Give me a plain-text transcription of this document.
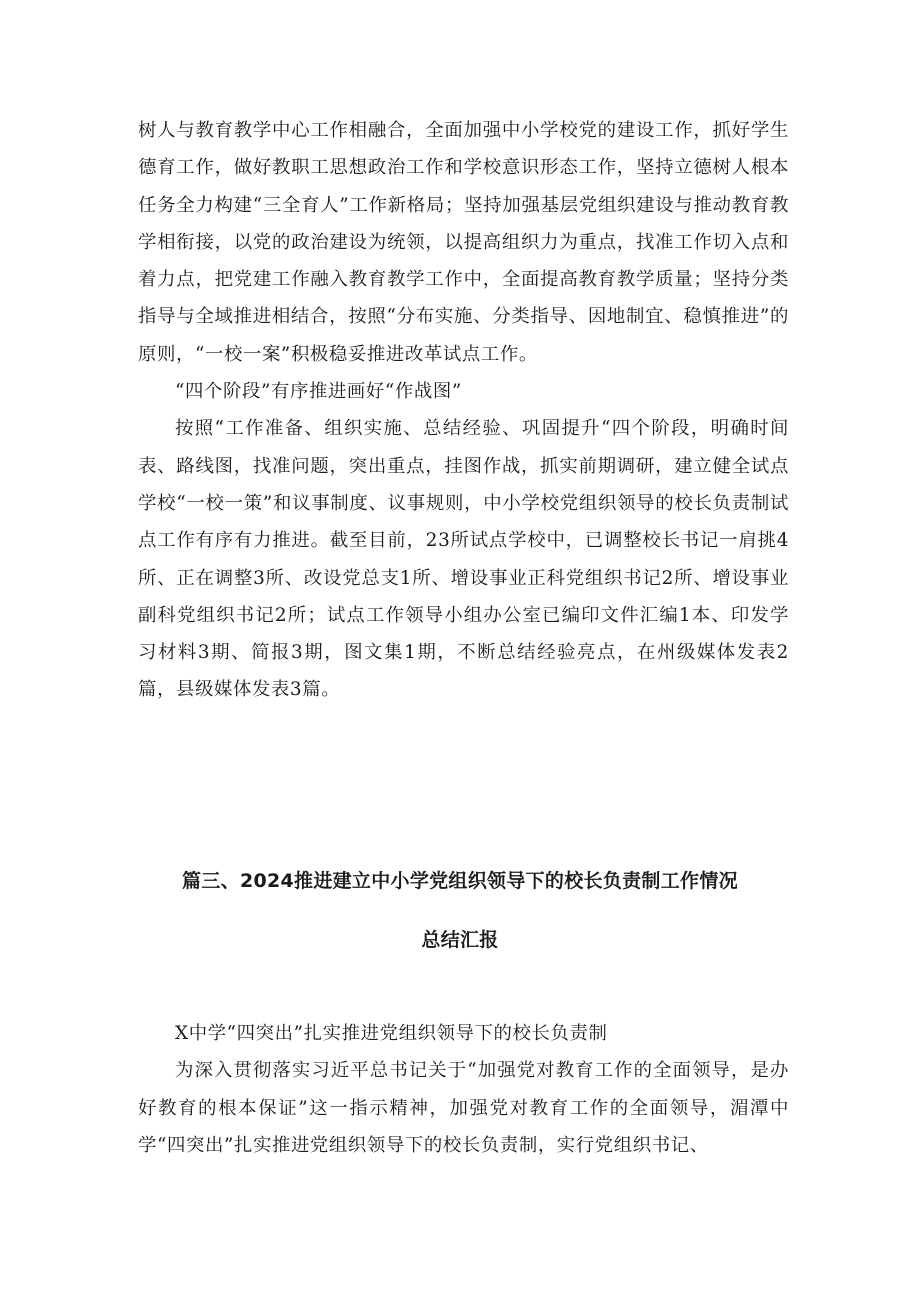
树人与教育教学中心工作相融合，全面加强中小学校党的建设工作，抓好学生德育工作，做好教职工思想政治工作和学校意识形态工作，坚持立德树人根本任务全力构建“三全育人”工作新格局；坚持加强基层党组织建设与推动教育教学相衔接，以党的政治建设为统领，以提高组织力为重点，找准工作切入点和着力点，把党建工作融入教育教学工作中，全面提高教育教学质量；坚持分类指导与全域推进相结合，按照“分布实施、分类指导、因地制宜、稳慎推进”的原则，“一校一案”积极稳妥推进改革试点工作。

“四个阶段”有序推进画好“作战图”

按照“工作准备、组织实施、总结经验、巩固提升“四个阶段，明确时间表、路线图，找准问题，突出重点，挂图作战，抓实前期调研，建立健全试点学校“一校一策”和议事制度、议事规则，中小学校党组织领导的校长负责制试点工作有序有力推进。截至目前，23所试点学校中，已调整校长书记一肩挑4所、正在调整3所、改设党总支1所、增设事业正科党组织书记2所、增设事业副科党组织书记2所；试点工作领导小组办公室已编印文件汇编1本、印发学习材料3期、简报3期，图文集1期，不断总结经验亮点，在州级媒体发表2篇，县级媒体发表3篇。

篇三、2024推进建立中小学党组织领导下的校长负责制工作情况
总结汇报

X中学“四突出”扎实推进党组织领导下的校长负责制

为深入贯彻落实习近平总书记关于“加强党对教育工作的全面领导，是办好教育的根本保证”这一指示精神，加强党对教育工作的全面领导，湄潭中学“四突出”扎实推进党组织领导下的校长负责制，实行党组织书记、
